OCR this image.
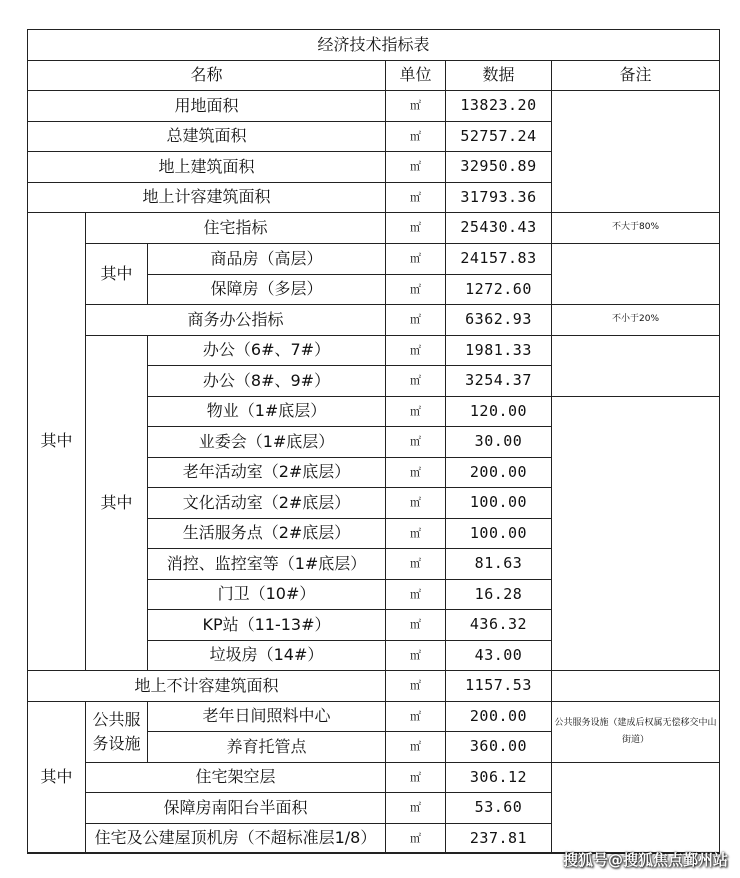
经济技术指标表					
名称			单位	数据	备注
用地面积			㎡	13823.20	
总建筑面积			㎡	52757.24	
地上建筑面积			㎡	32950.89	
地上计容建筑面积			㎡	31793.36	
其中	住宅指标		㎡	25430.43	不大于80%
	其中	商品房（高层）	㎡	24157.83	
		保障房（多层）	㎡	1272.60	
	商务办公指标		㎡	6362.93	不小于20%
	其中	办公（6#、7#）	㎡	1981.33	
		办公（8#、9#）	㎡	3254.37	
		物业（1#底层）	㎡	120.00	
		业委会（1#底层）	㎡	30.00	
		老年活动室（2#底层）	㎡	200.00	
		文化活动室（2#底层）	㎡	100.00	
		生活服务点（2#底层）	㎡	100.00	
		消控、监控室等（1#底层）	㎡	81.63	
		门卫（10#）	㎡	16.28	
		KP站（11-13#）	㎡	436.32	
		垃圾房（14#）	㎡	43.00	
地上不计容建筑面积			㎡	1157.53	
其中	公共服务设施	老年日间照料中心	㎡	200.00	公共服务设施（建成后权属无偿移交中山街道）
		养育托管点	㎡	360.00	
	住宅架空层		㎡	306.12	
	保障房南阳台半面积		㎡	53.60	
	住宅及公建屋顶机房（不超标准层1/8）		㎡	237.81	
搜狐号@搜狐焦点鄞州站
